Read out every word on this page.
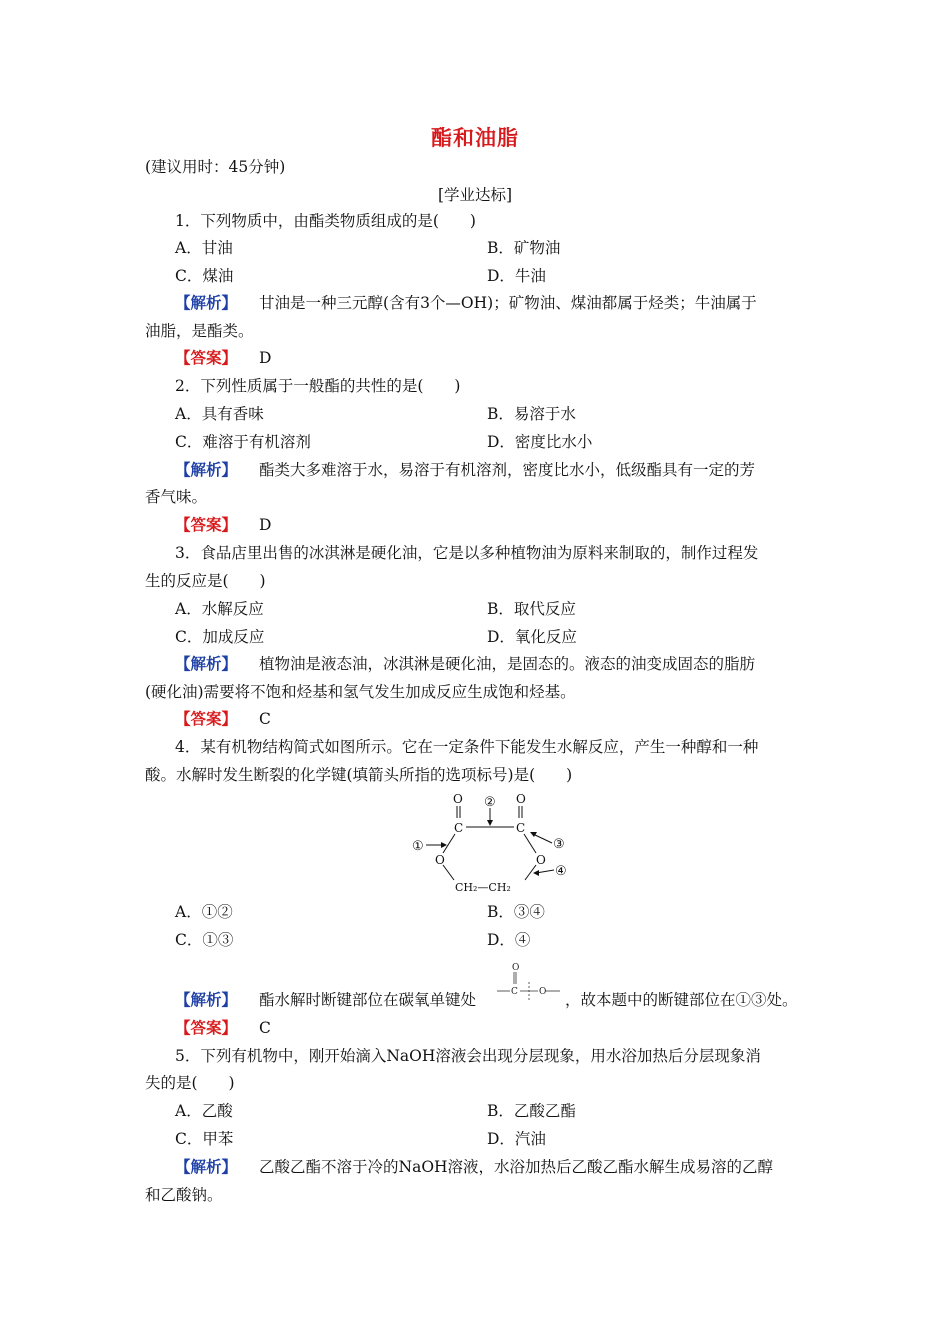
酯和油脂
(建议用时：45分钟)
[学业达标]
1．下列物质中，由酯类物质组成的是(　　)
A．甘油	B．矿物油
C．煤油	D．牛油
【解析】 甘油是一种三元醇(含有3个—OH)；矿物油、煤油都属于烃类；牛油属于
油脂，是酯类。
【答案】 D
2．下列性质属于一般酯的共性的是(　　)
A．具有香味	B．易溶于水
C．难溶于有机溶剂	D．密度比水小
【解析】 酯类大多难溶于水，易溶于有机溶剂，密度比水小，低级酯具有一定的芳
香气味。
【答案】 D
3．食品店里出售的冰淇淋是硬化油，它是以多种植物油为原料来制取的，制作过程发
生的反应是(　　)
A．水解反应	B．取代反应
C．加成反应	D．氧化反应
【解析】 植物油是液态油，冰淇淋是硬化油，是固态的。液态的油变成固态的脂肪
(硬化油)需要将不饱和烃基和氢气发生加成反应生成饱和烃基。
【答案】 C
4．某有机物结构简式如图所示。它在一定条件下能发生水解反应，产生一种醇和一种
酸。水解时发生断裂的化学键(填箭头所指的选项标号)是(　　)
O	O
C	C
O	O
CH₂—CH₂
①
②
③
④
A．①②	B．③④
C．①③	D．④
【解析】 酯水解时断键部位在碳氧单键处
O
C O ，故本题中的断键部位在①③处。
【答案】 C
5．下列有机物中，刚开始滴入NaOH溶液会出现分层现象，用水浴加热后分层现象消
失的是(　　)
A．乙酸	B．乙酸乙酯
C．甲苯	D．汽油
【解析】 乙酸乙酯不溶于冷的NaOH溶液，水浴加热后乙酸乙酯水解生成易溶的乙醇
和乙酸钠。
